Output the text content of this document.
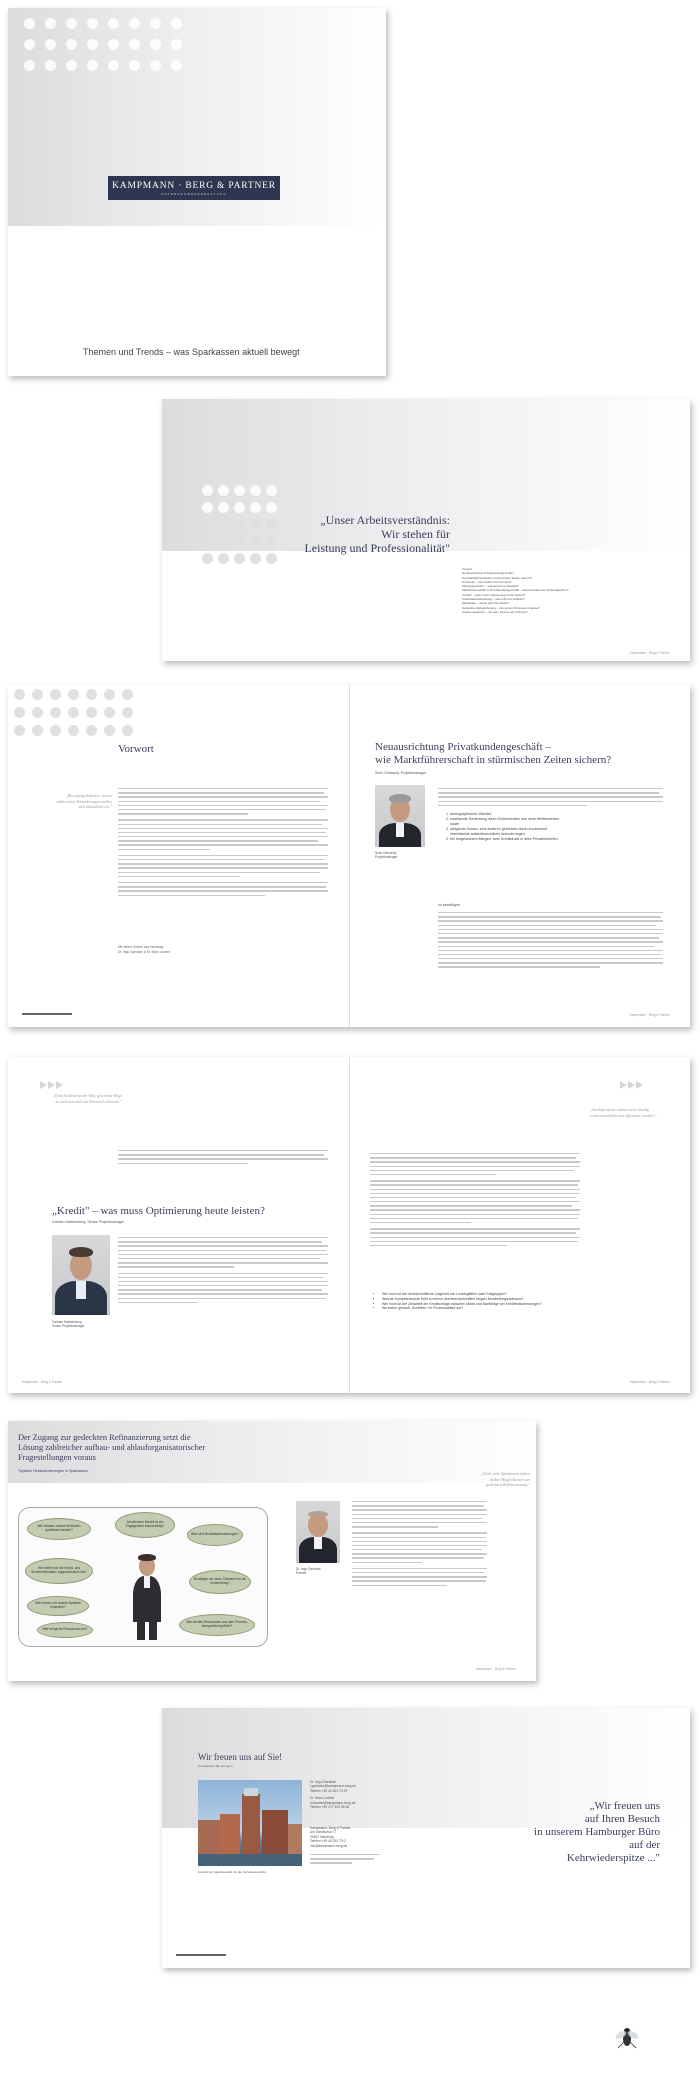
KAMPMANN · BERG & PARTNER
UNTERNEHMENSBERATUNG
Themen und Trends – was Sparkassen aktuell bewegt
„Unser Arbeitsverständnis:
Wir stehen für
Leistung und Professionalität"
Vorwort
Neuausrichtung Privatkundengeschäft –
wie Marktführerschaft in stürmischen Zeiten sichern?
Girokonto – wie bindet man Kunden?
Zahlungsverkehr – was kommt in Zukunft?
Marktführerschaft im Privatkundengeschäft – was bewirken die Verbundpartner?
„Kredit" – was muss Optimierung heute leisten?
Kreditsachbearbeitung – was will man wirklich?
Marktfolge – wohin geht die Reise?
Gedeckte Refinanzierung – wie setzen Prozesse Impulse?
Zusammenarbeit – mit wem können wir rechnen?
Kampmann · Berg & Partner
Vorwort
„Bewegung bedeutet: unsere zahlreichen Veränderungen stellen sich tatsächlich ein."
Mit vielen Grüßen aus Hamburg
Dr. Ingo Gaedcke & Dr. Marc Lindner
Neuausrichtung Privatkundengeschäft –
wie Marktführerschaft in stürmischen Zeiten sichern?
Sven Gerhardy, Projektmanager
Sven Gerhardy
Projektmanager
1. demographischer Wandel,
2. wachsende Bedeutung durch Onlinemedien und neue Wettbewerber sowie
3. steigende Kosten, eine anderen gerichtete durch zunehmend vereinfachte aufsichtsrechtliche Anforderungen.
4. bei fortgesetztem Margen- bzw. Kreditdruck in allen Privatbereichen.
zu bewältigen.
Kampmann · Berg & Partner
„Entscheidend ist der Mut, gewohnte Wege zu verlassen und ein Potential erkennen."
„Kredit" – was muss Optimierung heute leisten?
Carsten Hartkenberg, Senior Projektmanager
Carsten Hartkenberg
Senior Projektmanager
Kampmann · Berg & Partner
„Kreditprozesse müssen sich ständig weiterentwickeln und effizienter werden."
• Wie hoch ist die durchschnittliche Liegezeit von Leasingfällen nach Fallgruppen?
• Welche Kompetenzstufe führt zu einem überdurchschnittlich langen Bearbeitungszeitraum?
• Wie hoch ist der Zeitanteil der Kreditvorlage zwischen Markt und Marktfolge bei Kreditentscheidungen?
• Wo treten gehäuft „Schleifen" im Prozessablauf auf?
Kampmann · Berg & Partner
Der Zugang zur gedeckten Refinanzierung setzt die
Lösung zahlreicher aufbau- und ablauforganisatorischer
Fragestellungen voraus
Typische Herausforderungen in Sparkassen
Wie müssen unsere Methoden qualifiziert werden?
Wie stellen wir die Kredit- und Sicherheitendaten organisatorisch dar?
Wie können wir unsere Systeme einsetzen?
Wer bringt die Ressourcen ein?
Ab welchem Modell ist ein Engagement zweckmäßig?
Was sind Bonitätsanforderungen?
Benötigen wir einen Zulieferer für die Vorbereitung?
Wie werden Ressourcen aus dem Prozess-übergreifend geführt?
Dr. Ingo Gaedcke
Partner
„Nicht viele Sparkassen haben bisher Möglichkeiten zur gedeckten Refinanzierung."
Kampmann · Berg & Partner
Wir freuen uns auf Sie!
Kontaktieren Sie uns gern
Ansicht der Speicherstadt mit der Kehrwiederspitze
Dr. Ingo Gaedcke
i.gaedcke@kampmann-berg.de
Telefon +49 40 251 73 20
Dr. Marc Lindner
m.lindner@kampmann-berg.de
Telefon +49 177 420 06 08
Kampmann, Berg & Partner
Am Sandtorkai 77
20457 Hamburg
Telefon +49 40 251 73 0
info@kampmann-berg.de
„Wir freuen uns
auf Ihren Besuch
in unserem Hamburger Büro
auf der
Kehrwiederspitze ..."
